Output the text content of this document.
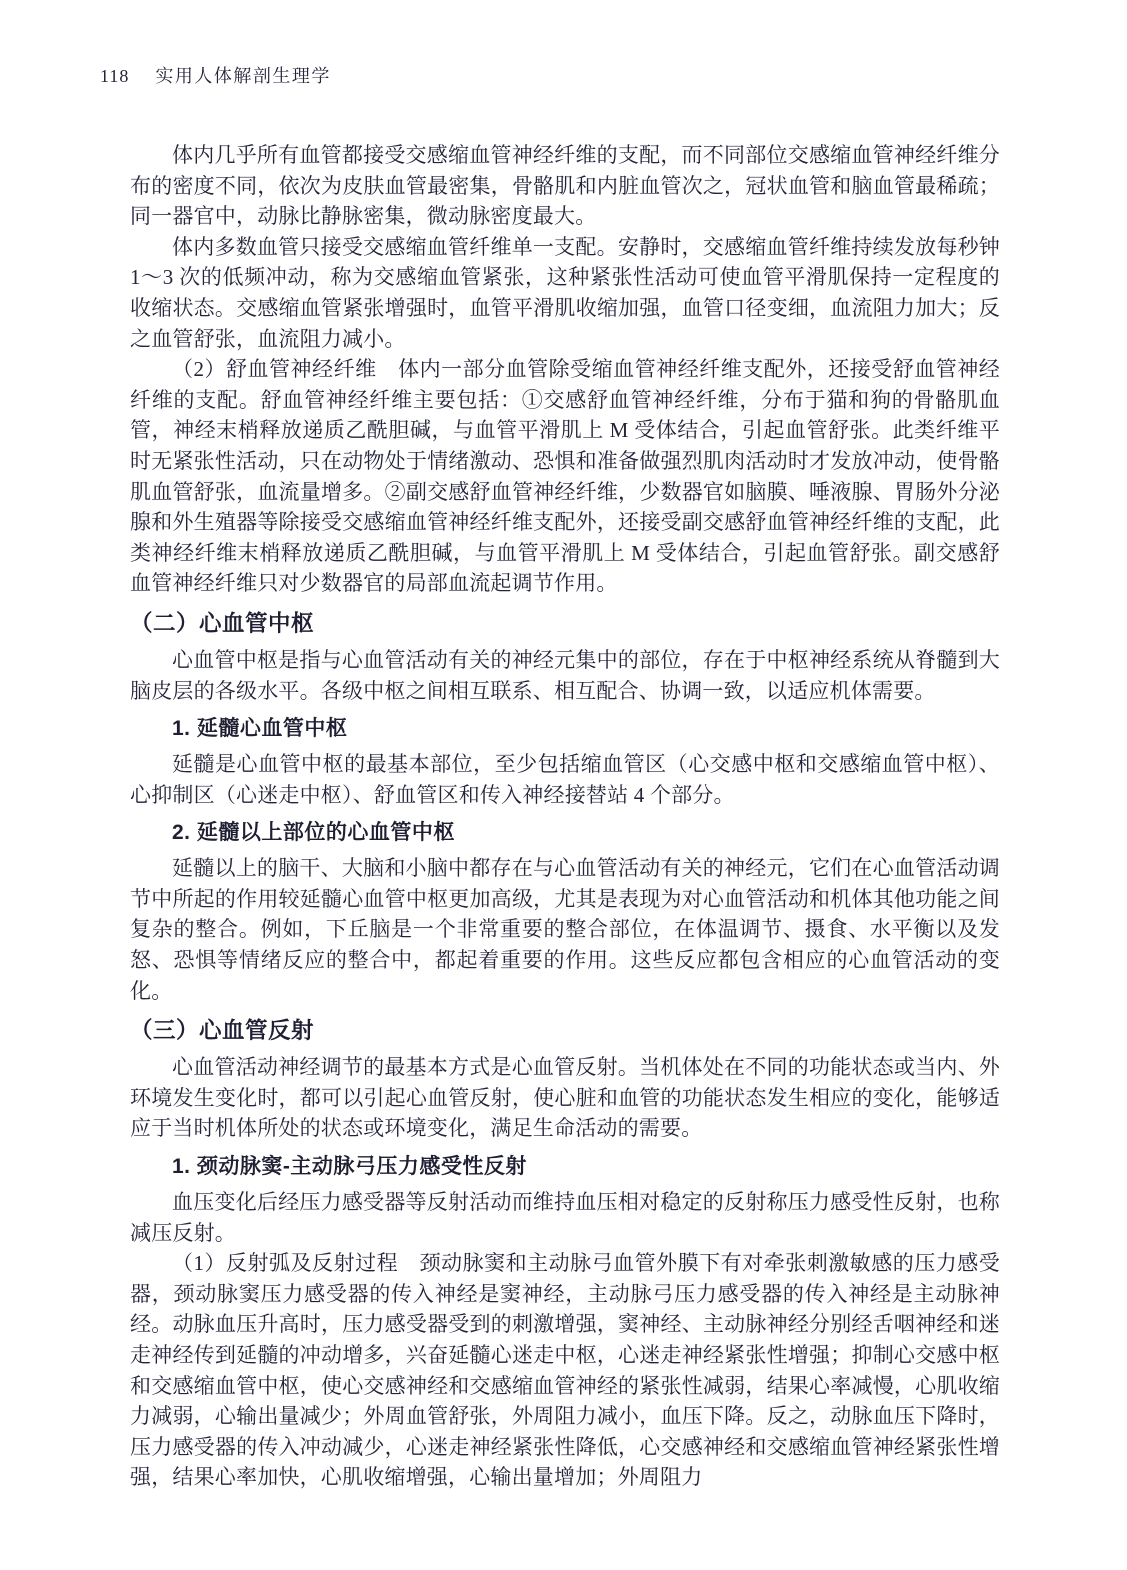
118 实用人体解剖生理学

体内几乎所有血管都接受交感缩血管神经纤维的支配，而不同部位交感缩血管神经纤维分布的密度不同，依次为皮肤血管最密集，骨骼肌和内脏血管次之，冠状血管和脑血管最稀疏；同一器官中，动脉比静脉密集，微动脉密度最大。

体内多数血管只接受交感缩血管纤维单一支配。安静时，交感缩血管纤维持续发放每秒钟 1～3 次的低频冲动，称为交感缩血管紧张，这种紧张性活动可使血管平滑肌保持一定程度的收缩状态。交感缩血管紧张增强时，血管平滑肌收缩加强，血管口径变细，血流阻力加大；反之血管舒张，血流阻力减小。

（2）舒血管神经纤维　体内一部分血管除受缩血管神经纤维支配外，还接受舒血管神经纤维的支配。舒血管神经纤维主要包括：①交感舒血管神经纤维，分布于猫和狗的骨骼肌血管，神经末梢释放递质乙酰胆碱，与血管平滑肌上 M 受体结合，引起血管舒张。此类纤维平时无紧张性活动，只在动物处于情绪激动、恐惧和准备做强烈肌肉活动时才发放冲动，使骨骼肌血管舒张，血流量增多。②副交感舒血管神经纤维，少数器官如脑膜、唾液腺、胃肠外分泌腺和外生殖器等除接受交感缩血管神经纤维支配外，还接受副交感舒血管神经纤维的支配，此类神经纤维末梢释放递质乙酰胆碱，与血管平滑肌上 M 受体结合，引起血管舒张。副交感舒血管神经纤维只对少数器官的局部血流起调节作用。

（二）心血管中枢

心血管中枢是指与心血管活动有关的神经元集中的部位，存在于中枢神经系统从脊髓到大脑皮层的各级水平。各级中枢之间相互联系、相互配合、协调一致，以适应机体需要。

1. 延髓心血管中枢

延髓是心血管中枢的最基本部位，至少包括缩血管区（心交感中枢和交感缩血管中枢）、心抑制区（心迷走中枢）、舒血管区和传入神经接替站 4 个部分。

2. 延髓以上部位的心血管中枢

延髓以上的脑干、大脑和小脑中都存在与心血管活动有关的神经元，它们在心血管活动调节中所起的作用较延髓心血管中枢更加高级，尤其是表现为对心血管活动和机体其他功能之间复杂的整合。例如，下丘脑是一个非常重要的整合部位，在体温调节、摄食、水平衡以及发怒、恐惧等情绪反应的整合中，都起着重要的作用。这些反应都包含相应的心血管活动的变化。

（三）心血管反射

心血管活动神经调节的最基本方式是心血管反射。当机体处在不同的功能状态或当内、外环境发生变化时，都可以引起心血管反射，使心脏和血管的功能状态发生相应的变化，能够适应于当时机体所处的状态或环境变化，满足生命活动的需要。

1. 颈动脉窦-主动脉弓压力感受性反射

血压变化后经压力感受器等反射活动而维持血压相对稳定的反射称压力感受性反射，也称减压反射。

（1）反射弧及反射过程　颈动脉窦和主动脉弓血管外膜下有对牵张刺激敏感的压力感受器，颈动脉窦压力感受器的传入神经是窦神经，主动脉弓压力感受器的传入神经是主动脉神经。动脉血压升高时，压力感受器受到的刺激增强，窦神经、主动脉神经分别经舌咽神经和迷走神经传到延髓的冲动增多，兴奋延髓心迷走中枢，心迷走神经紧张性增强；抑制心交感中枢和交感缩血管中枢，使心交感神经和交感缩血管神经的紧张性减弱，结果心率减慢，心肌收缩力减弱，心输出量减少；外周血管舒张，外周阻力减小，血压下降。反之，动脉血压下降时，压力感受器的传入冲动减少，心迷走神经紧张性降低，心交感神经和交感缩血管神经紧张性增强，结果心率加快，心肌收缩增强，心输出量增加；外周阻力
